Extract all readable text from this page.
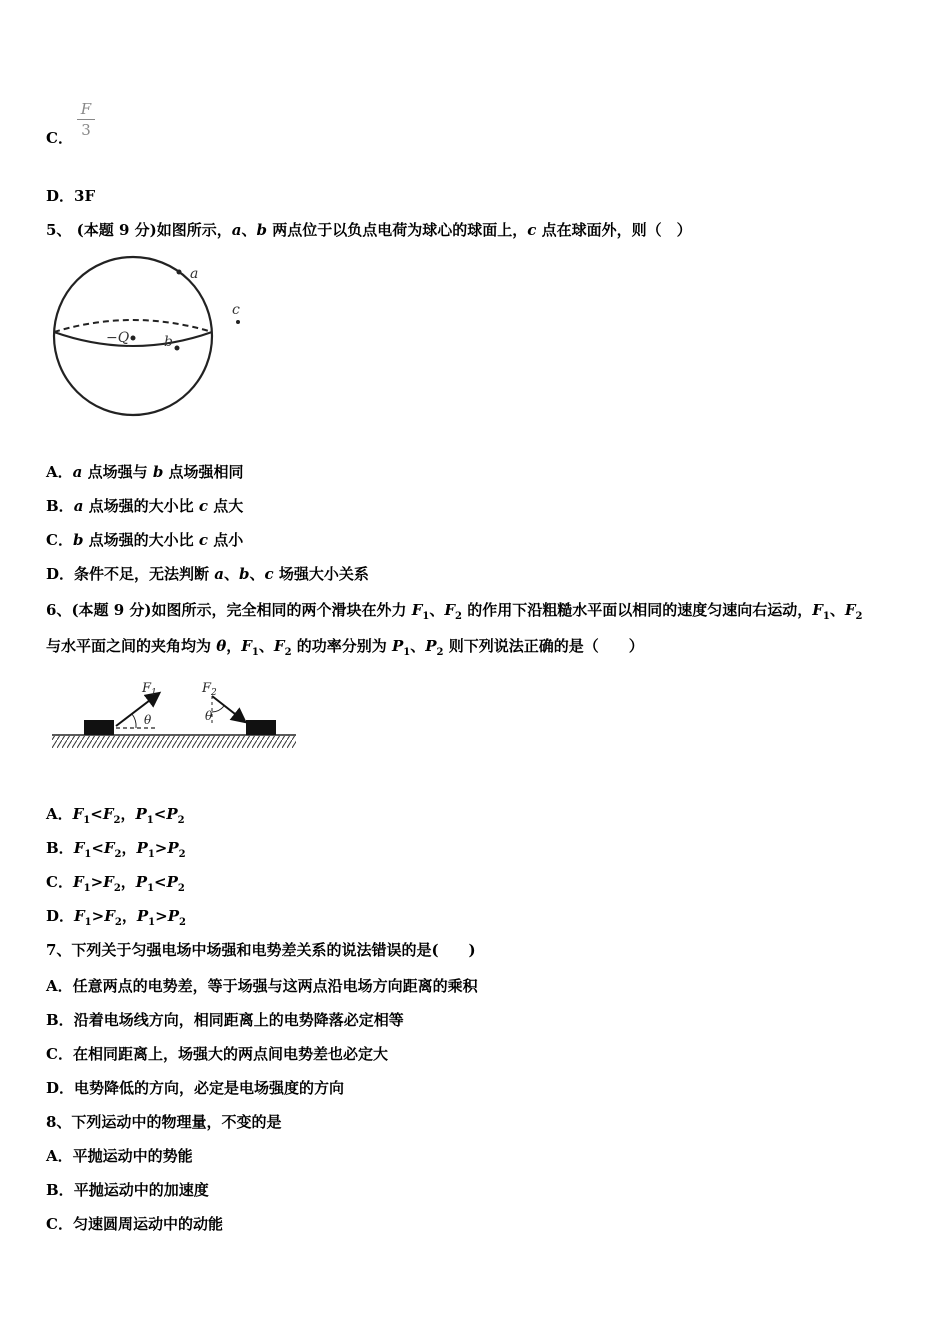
C．
F
3
D．3F
5、 (本题 9 分)如图所示，a、b 两点位于以负点电荷为球心的球面上，c 点在球面外，则（　）
−Q
a
b
c
A．a 点场强与 b 点场强相同
B．a 点场强的大小比 c 点大
C．b 点场强的大小比 c 点小
D．条件不足，无法判断 a、b、c 场强大小关系
6、(本题 9 分)如图所示，完全相同的两个滑块在外力 $F_1$、$F_2$ 的作用下沿粗糙水平面以相同的速度匀速向右运动，$F_1$、$F_2$
与水平面之间的夹角均为 θ，$F_1$、$F_2$ 的功率分别为 $P_1$、$P_2$ 则下列说法正确的是（　　）
θ
$F_1$
θ
$F_2$
A．$F_1<F_2$，$P_1<P_2$
B．$F_1<F_2$，$P_1>P_2$
C．$F_1>F_2$，$P_1<P_2$
D．$F_1>F_2$，$P_1>P_2$
7、下列关于匀强电场中场强和电势差关系的说法错误的是(　　)
A．任意两点的电势差，等于场强与这两点沿电场方向距离的乘积
B．沿着电场线方向，相同距离上的电势降落必定相等
C．在相同距离上，场强大的两点间电势差也必定大
D．电势降低的方向，必定是电场强度的方向
8、下列运动中的物理量，不变的是
A．平抛运动中的势能
B．平抛运动中的加速度
C．匀速圆周运动中的动能
